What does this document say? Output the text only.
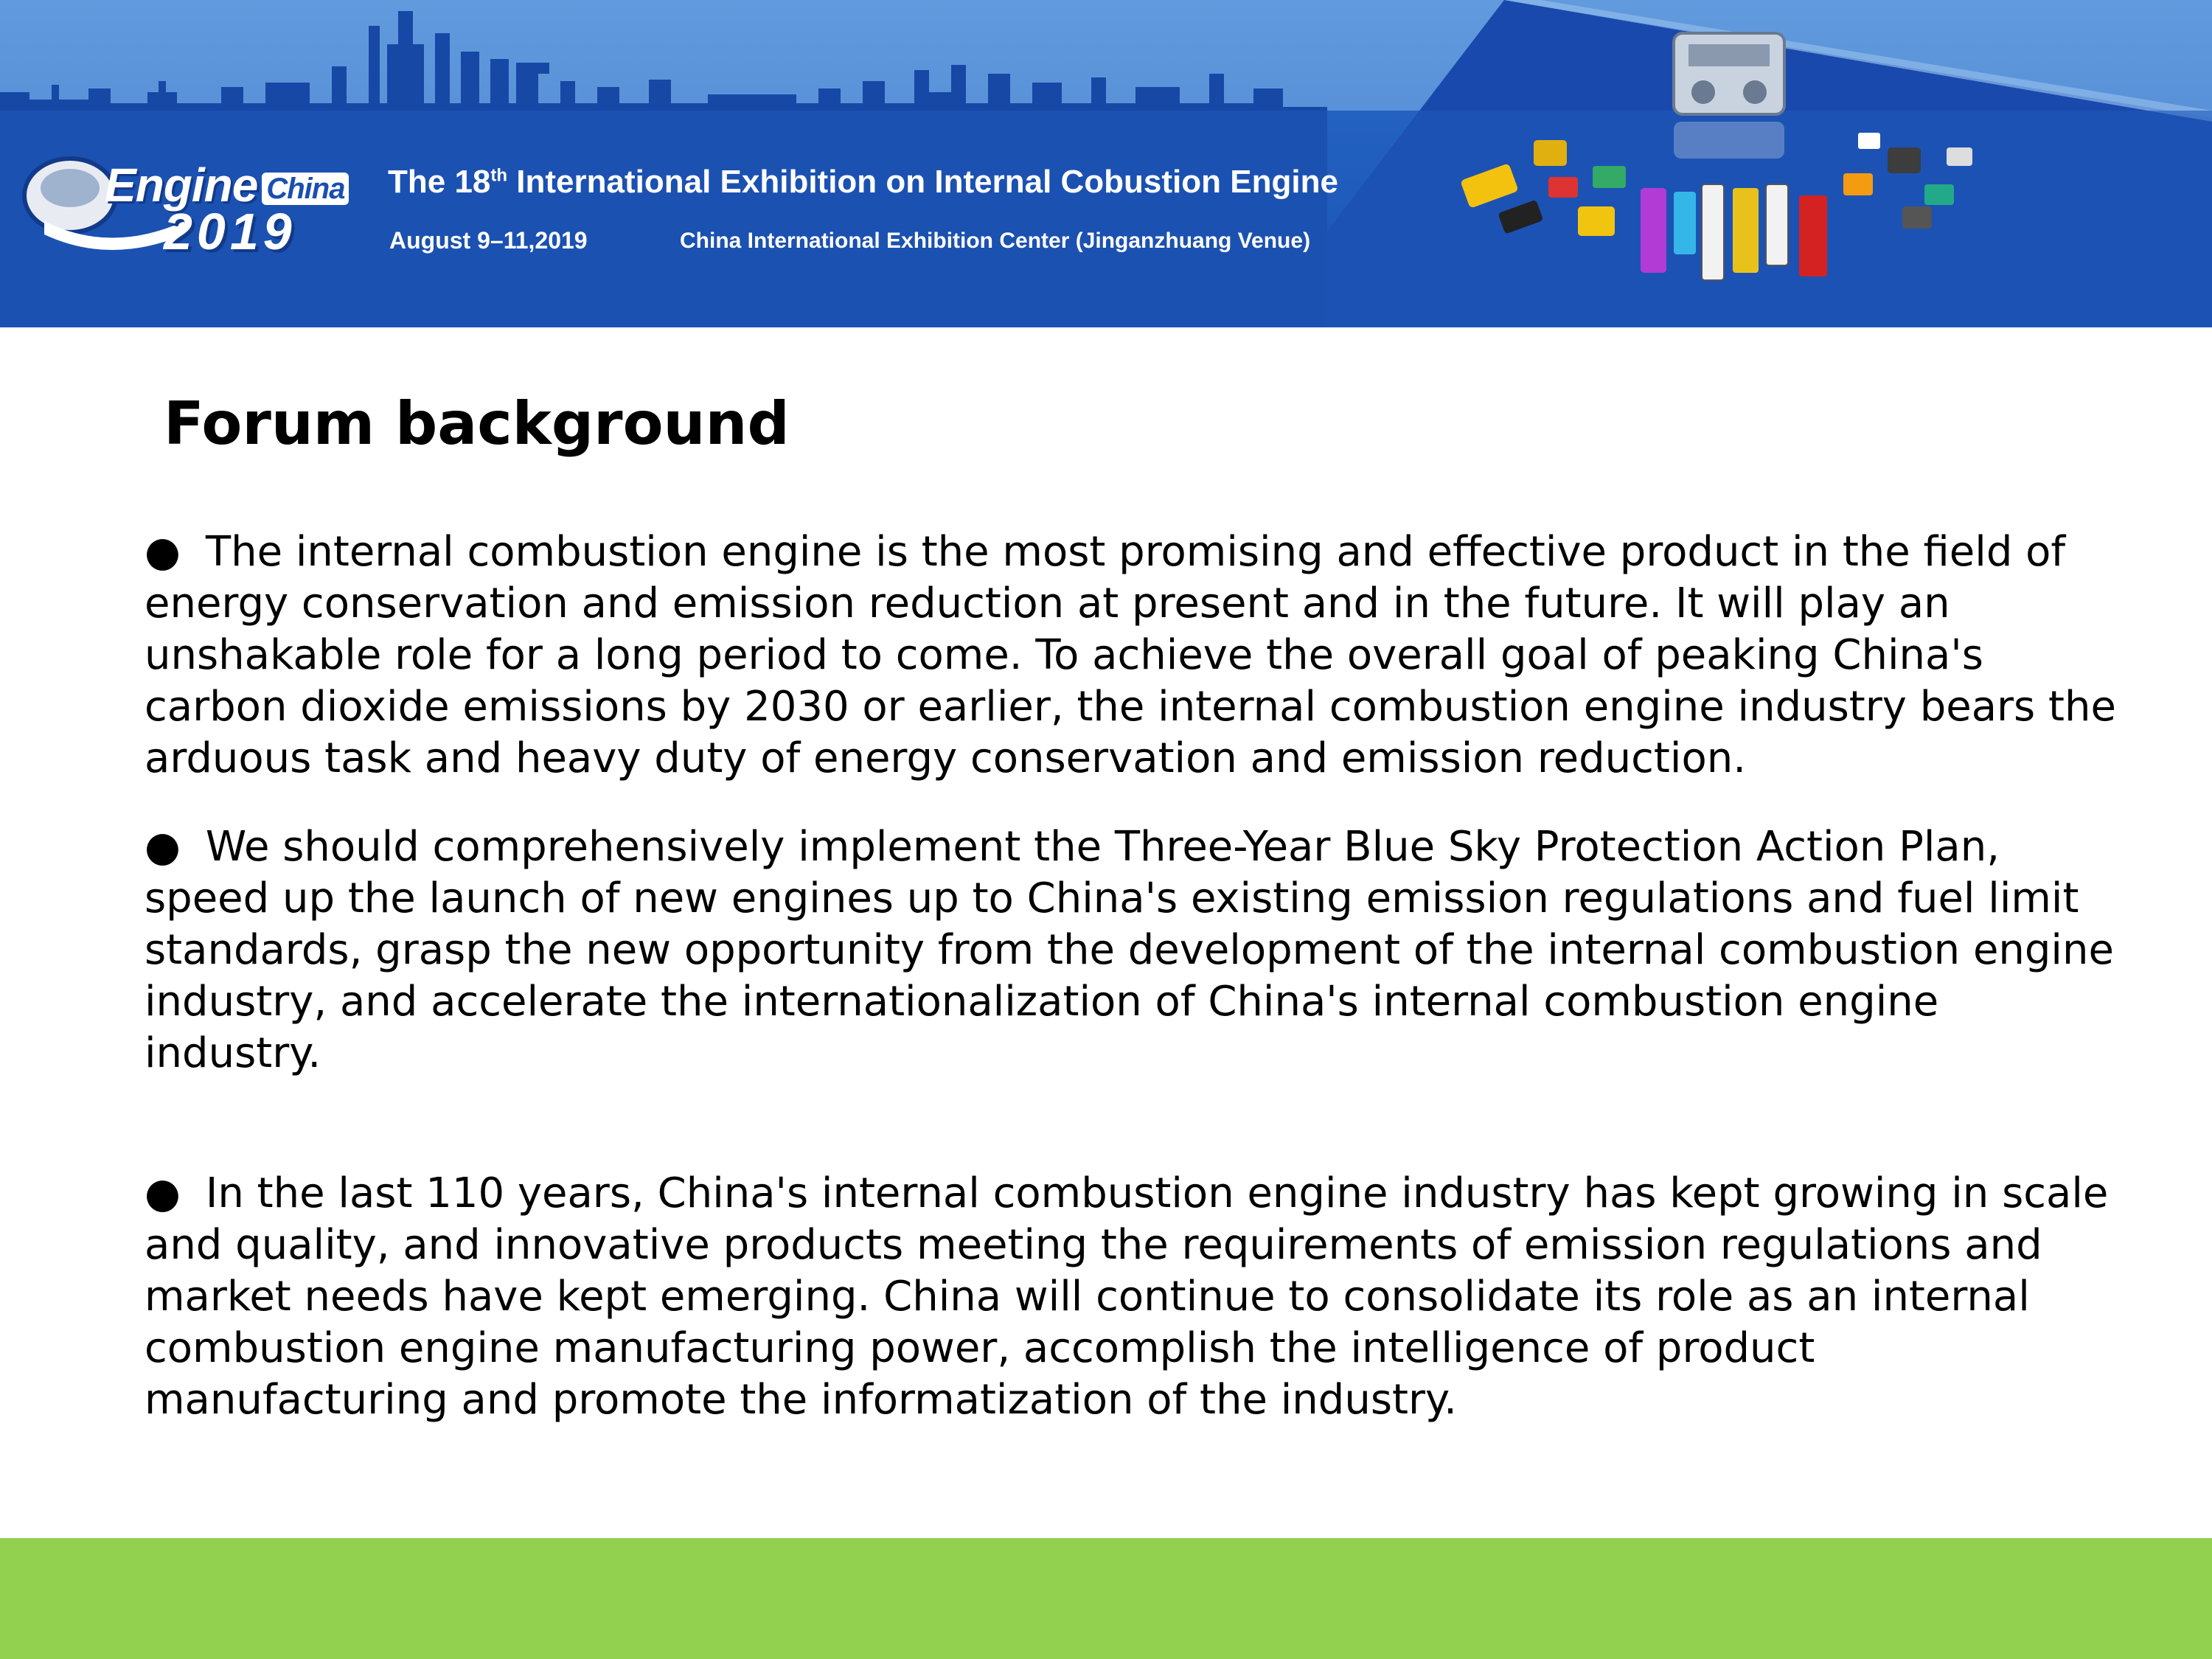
Engine China
2019
The 18th International Exhibition on Internal Cobustion Engine
August 9–11,2019	China International Exhibition Center (Jinganzhuang Venue)
Forum background

● The internal combustion engine is the most promising and effective product in the field of energy conservation and emission reduction at present and in the future. It will play an unshakable role for a long period to come. To achieve the overall goal of peaking China's carbon dioxide emissions by 2030 or earlier, the internal combustion engine industry bears the arduous task and heavy duty of energy conservation and emission reduction.

● We should comprehensively implement the Three-Year Blue Sky Protection Action Plan, speed up the launch of new engines up to China's existing emission regulations and fuel limit standards, grasp the new opportunity from the development of the internal combustion engine industry, and accelerate the internationalization of China's internal combustion engine industry.

● In the last 110 years, China's internal combustion engine industry has kept growing in scale and quality, and innovative products meeting the requirements of emission regulations and market needs have kept emerging. China will continue to consolidate its role as an internal combustion engine manufacturing power, accomplish the intelligence of product manufacturing and promote the informatization of the industry.
